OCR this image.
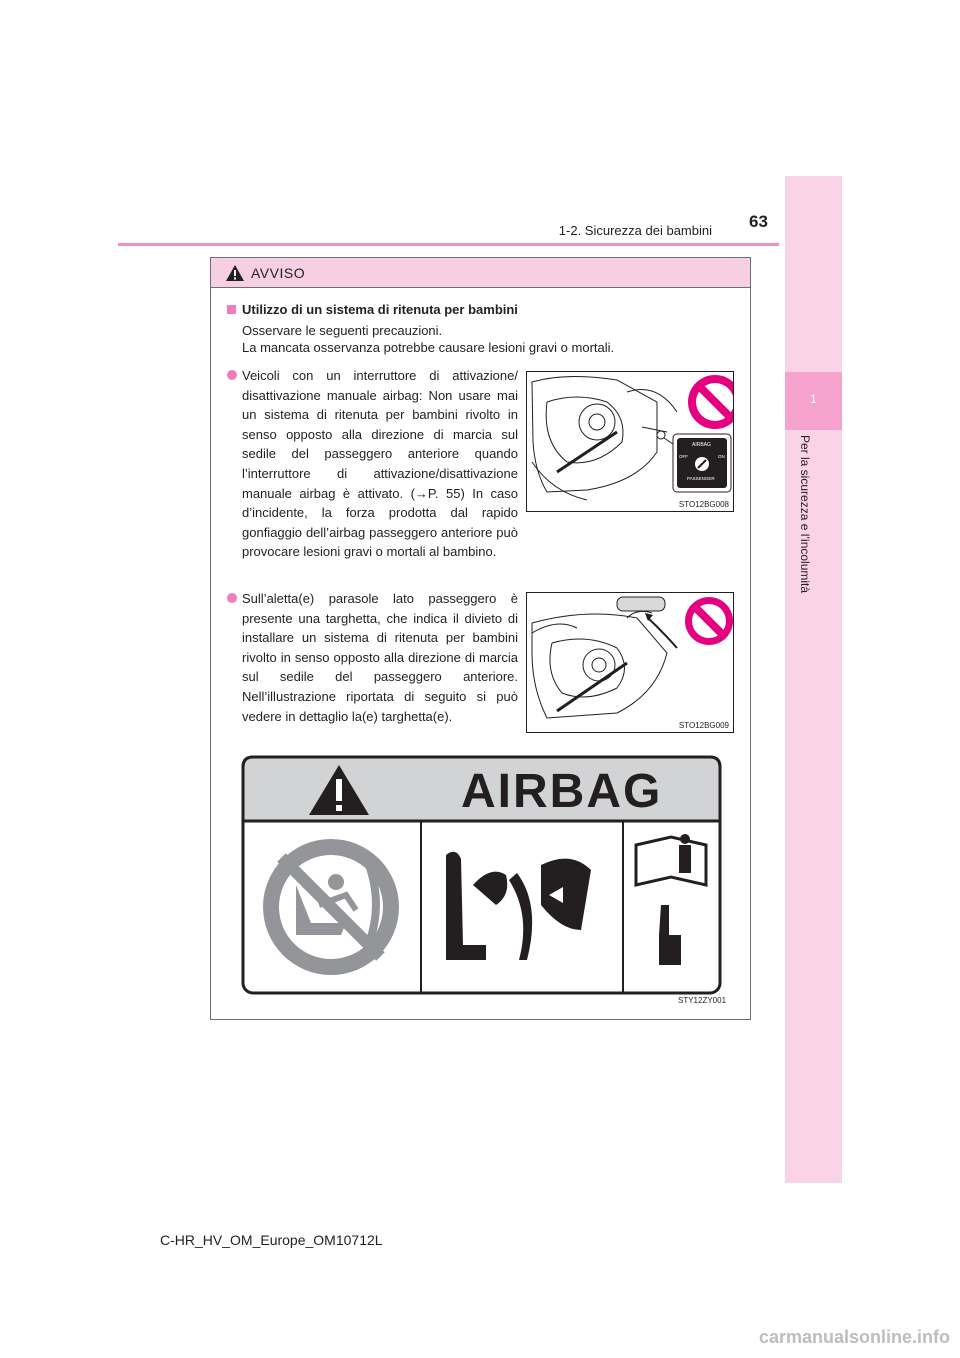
63
1-2. Sicurezza dei bambini
1
Per la sicurezza e l’incolumità
AVVISO
Utilizzo di un sistema di ritenuta per bambini
Osservare le seguenti precauzioni.
La mancata osservanza potrebbe causare lesioni gravi o mortali.
Veicoli con un interruttore di attivazione/ disattivazione manuale airbag: Non usare mai un sistema di ritenuta per bambini rivolto in senso opposto alla direzione di marcia sul sedile del passeggero anteriore quando l’interruttore di attivazione/disattivazione manuale airbag è attivato. (→P. 55) In caso d’incidente, la forza prodotta dal rapido gonfiaggio dell’airbag passeggero anteriore può provocare lesioni gravi o mortali al bambino.
AIRBAG
OFF	ON
PASSENGER
STO12BG008
Sull’aletta(e) parasole lato passeggero è presente una targhetta, che indica il divieto di installare un sistema di ritenuta per bambini rivolto in senso opposto alla direzione di marcia sul sedile del passeggero anteriore. Nell’illustrazione riportata di seguito si può vedere in dettaglio la(e) targhetta(e).
STO12BG009
AIRBAG
STY12ZY001
C-HR_HV_OM_Europe_OM10712L
carmanualsonline.info
